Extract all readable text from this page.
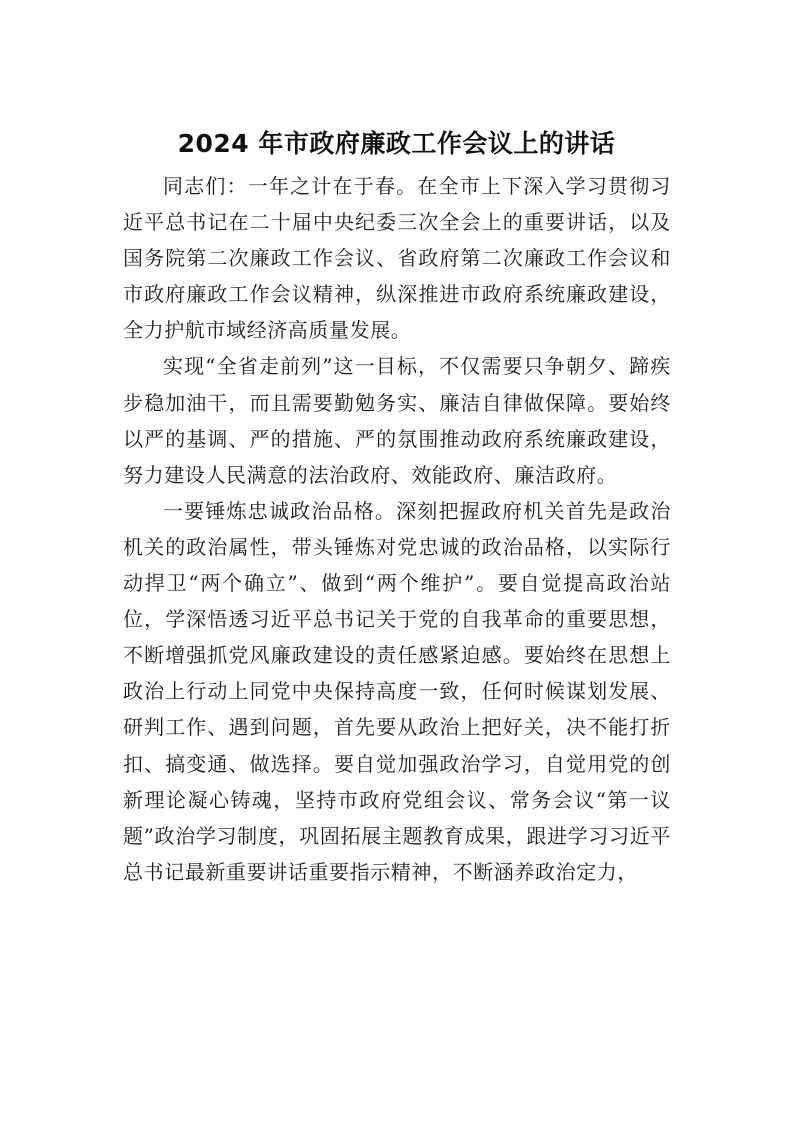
2024 年市政府廉政工作会议上的讲话

同志们：一年之计在于春。在全市上下深入学习贯彻习近平总书记在二十届中央纪委三次全会上的重要讲话，以及国务院第二次廉政工作会议、省政府第二次廉政工作会议和市政府廉政工作会议精神，纵深推进市政府系统廉政建设，全力护航市域经济高质量发展。

实现“全省走前列”这一目标，不仅需要只争朝夕、蹄疾步稳加油干，而且需要勤勉务实、廉洁自律做保障。要始终以严的基调、严的措施、严的氛围推动政府系统廉政建设，努力建设人民满意的法治政府、效能政府、廉洁政府。

一要锤炼忠诚政治品格。深刻把握政府机关首先是政治机关的政治属性，带头锤炼对党忠诚的政治品格，以实际行动捍卫“两个确立”、做到“两个维护”。要自觉提高政治站位，学深悟透习近平总书记关于党的自我革命的重要思想，不断增强抓党风廉政建设的责任感紧迫感。要始终在思想上政治上行动上同党中央保持高度一致，任何时候谋划发展、研判工作、遇到问题，首先要从政治上把好关，决不能打折扣、搞变通、做选择。要自觉加强政治学习，自觉用党的创新理论凝心铸魂，坚持市政府党组会议、常务会议“第一议题”政治学习制度，巩固拓展主题教育成果，跟进学习习近平总书记最新重要讲话重要指示精神，不断涵养政治定力，
